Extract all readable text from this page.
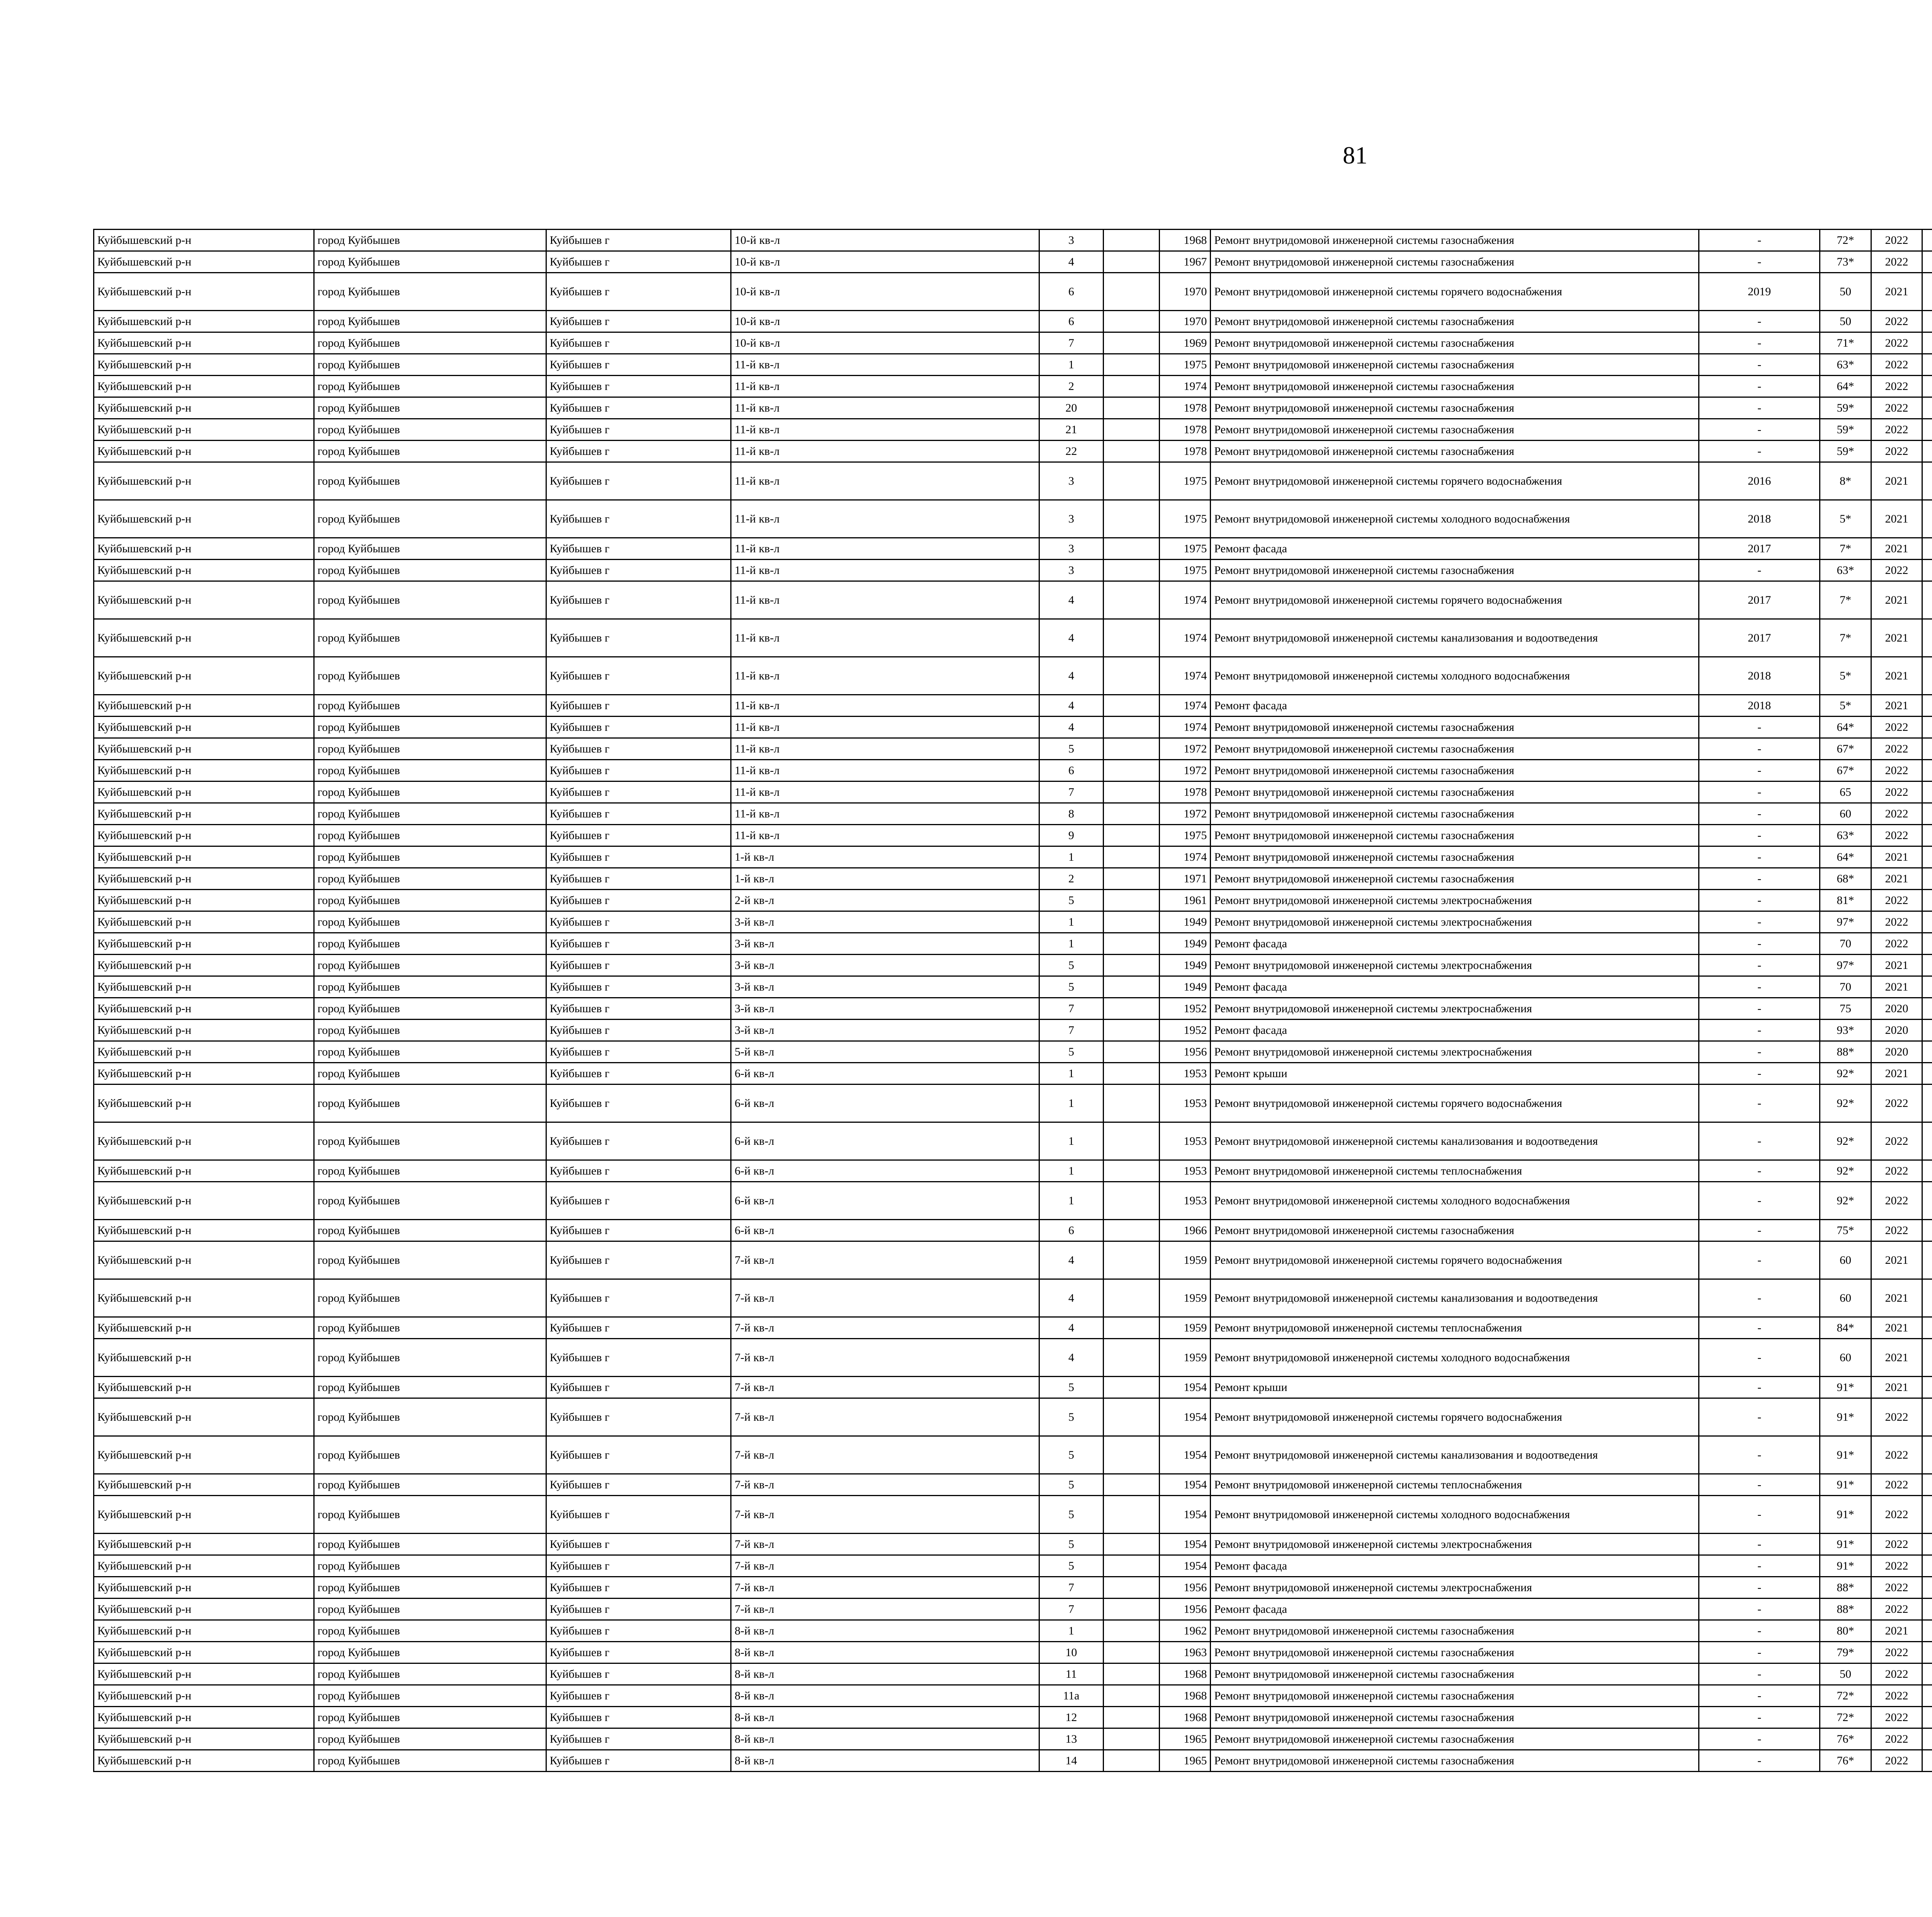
81
Куйбышевский р-н	город Куйбышев	Куйбышев г	10-й кв-л	3		1968	Ремонт внутридомовой инженерной системы газоснабжения	-	72*	2022								
Куйбышевский р-н	город Куйбышев	Куйбышев г	10-й кв-л	4		1967	Ремонт внутридомовой инженерной системы газоснабжения	-	73*	2022								
Куйбышевский р-н	город Куйбышев	Куйбышев г	10-й кв-л	6		1970	Ремонт внутридомовой инженерной системы горячего водоснабжения	2019	50	2021								
Куйбышевский р-н	город Куйбышев	Куйбышев г	10-й кв-л	6		1970	Ремонт внутридомовой инженерной системы газоснабжения	-	50	2022								
Куйбышевский р-н	город Куйбышев	Куйбышев г	10-й кв-л	7		1969	Ремонт внутридомовой инженерной системы газоснабжения	-	71*	2022								
Куйбышевский р-н	город Куйбышев	Куйбышев г	11-й кв-л	1		1975	Ремонт внутридомовой инженерной системы газоснабжения	-	63*	2022								
Куйбышевский р-н	город Куйбышев	Куйбышев г	11-й кв-л	2		1974	Ремонт внутридомовой инженерной системы газоснабжения	-	64*	2022								
Куйбышевский р-н	город Куйбышев	Куйбышев г	11-й кв-л	20		1978	Ремонт внутридомовой инженерной системы газоснабжения	-	59*	2022								
Куйбышевский р-н	город Куйбышев	Куйбышев г	11-й кв-л	21		1978	Ремонт внутридомовой инженерной системы газоснабжения	-	59*	2022								
Куйбышевский р-н	город Куйбышев	Куйбышев г	11-й кв-л	22		1978	Ремонт внутридомовой инженерной системы газоснабжения	-	59*	2022								
Куйбышевский р-н	город Куйбышев	Куйбышев г	11-й кв-л	3		1975	Ремонт внутридомовой инженерной системы горячего водоснабжения	2016	8*	2021								
Куйбышевский р-н	город Куйбышев	Куйбышев г	11-й кв-л	3		1975	Ремонт внутридомовой инженерной системы холодного водоснабжения	2018	5*	2021								
Куйбышевский р-н	город Куйбышев	Куйбышев г	11-й кв-л	3		1975	Ремонт фасада	2017	7*	2021								
Куйбышевский р-н	город Куйбышев	Куйбышев г	11-й кв-л	3		1975	Ремонт внутридомовой инженерной системы газоснабжения	-	63*	2022								
Куйбышевский р-н	город Куйбышев	Куйбышев г	11-й кв-л	4		1974	Ремонт внутридомовой инженерной системы горячего водоснабжения	2017	7*	2021								
Куйбышевский р-н	город Куйбышев	Куйбышев г	11-й кв-л	4		1974	Ремонт внутридомовой инженерной системы канализования и водоотведения	2017	7*	2021								
Куйбышевский р-н	город Куйбышев	Куйбышев г	11-й кв-л	4		1974	Ремонт внутридомовой инженерной системы холодного водоснабжения	2018	5*	2021								
Куйбышевский р-н	город Куйбышев	Куйбышев г	11-й кв-л	4		1974	Ремонт фасада	2018	5*	2021								
Куйбышевский р-н	город Куйбышев	Куйбышев г	11-й кв-л	4		1974	Ремонт внутридомовой инженерной системы газоснабжения	-	64*	2022								
Куйбышевский р-н	город Куйбышев	Куйбышев г	11-й кв-л	5		1972	Ремонт внутридомовой инженерной системы газоснабжения	-	67*	2022								
Куйбышевский р-н	город Куйбышев	Куйбышев г	11-й кв-л	6		1972	Ремонт внутридомовой инженерной системы газоснабжения	-	67*	2022								
Куйбышевский р-н	город Куйбышев	Куйбышев г	11-й кв-л	7		1978	Ремонт внутридомовой инженерной системы газоснабжения	-	65	2022								
Куйбышевский р-н	город Куйбышев	Куйбышев г	11-й кв-л	8		1972	Ремонт внутридомовой инженерной системы газоснабжения	-	60	2022								
Куйбышевский р-н	город Куйбышев	Куйбышев г	11-й кв-л	9		1975	Ремонт внутридомовой инженерной системы газоснабжения	-	63*	2022								
Куйбышевский р-н	город Куйбышев	Куйбышев г	1-й кв-л	1		1974	Ремонт внутридомовой инженерной системы газоснабжения	-	64*	2021								
Куйбышевский р-н	город Куйбышев	Куйбышев г	1-й кв-л	2		1971	Ремонт внутридомовой инженерной системы газоснабжения	-	68*	2021								
Куйбышевский р-н	город Куйбышев	Куйбышев г	2-й кв-л	5		1961	Ремонт внутридомовой инженерной системы электроснабжения	-	81*	2022								
Куйбышевский р-н	город Куйбышев	Куйбышев г	3-й кв-л	1		1949	Ремонт внутридомовой инженерной системы электроснабжения	-	97*	2022								
Куйбышевский р-н	город Куйбышев	Куйбышев г	3-й кв-л	1		1949	Ремонт фасада	-	70	2022								
Куйбышевский р-н	город Куйбышев	Куйбышев г	3-й кв-л	5		1949	Ремонт внутридомовой инженерной системы электроснабжения	-	97*	2021								
Куйбышевский р-н	город Куйбышев	Куйбышев г	3-й кв-л	5		1949	Ремонт фасада	-	70	2021								
Куйбышевский р-н	город Куйбышев	Куйбышев г	3-й кв-л	7		1952	Ремонт внутридомовой инженерной системы электроснабжения	-	75	2020								
Куйбышевский р-н	город Куйбышев	Куйбышев г	3-й кв-л	7		1952	Ремонт фасада	-	93*	2020								
Куйбышевский р-н	город Куйбышев	Куйбышев г	5-й кв-л	5		1956	Ремонт внутридомовой инженерной системы электроснабжения	-	88*	2020								
Куйбышевский р-н	город Куйбышев	Куйбышев г	6-й кв-л	1		1953	Ремонт крыши	-	92*	2021								
Куйбышевский р-н	город Куйбышев	Куйбышев г	6-й кв-л	1		1953	Ремонт внутридомовой инженерной системы горячего водоснабжения	-	92*	2022								
Куйбышевский р-н	город Куйбышев	Куйбышев г	6-й кв-л	1		1953	Ремонт внутридомовой инженерной системы канализования и водоотведения	-	92*	2022								
Куйбышевский р-н	город Куйбышев	Куйбышев г	6-й кв-л	1		1953	Ремонт внутридомовой инженерной системы теплоснабжения	-	92*	2022								
Куйбышевский р-н	город Куйбышев	Куйбышев г	6-й кв-л	1		1953	Ремонт внутридомовой инженерной системы холодного водоснабжения	-	92*	2022								
Куйбышевский р-н	город Куйбышев	Куйбышев г	6-й кв-л	6		1966	Ремонт внутридомовой инженерной системы газоснабжения	-	75*	2022								
Куйбышевский р-н	город Куйбышев	Куйбышев г	7-й кв-л	4		1959	Ремонт внутридомовой инженерной системы горячего водоснабжения	-	60	2021								
Куйбышевский р-н	город Куйбышев	Куйбышев г	7-й кв-л	4		1959	Ремонт внутридомовой инженерной системы канализования и водоотведения	-	60	2021								
Куйбышевский р-н	город Куйбышев	Куйбышев г	7-й кв-л	4		1959	Ремонт внутридомовой инженерной системы теплоснабжения	-	84*	2021								
Куйбышевский р-н	город Куйбышев	Куйбышев г	7-й кв-л	4		1959	Ремонт внутридомовой инженерной системы холодного водоснабжения	-	60	2021								
Куйбышевский р-н	город Куйбышев	Куйбышев г	7-й кв-л	5		1954	Ремонт крыши	-	91*	2021								
Куйбышевский р-н	город Куйбышев	Куйбышев г	7-й кв-л	5		1954	Ремонт внутридомовой инженерной системы горячего водоснабжения	-	91*	2022								
Куйбышевский р-н	город Куйбышев	Куйбышев г	7-й кв-л	5		1954	Ремонт внутридомовой инженерной системы канализования и водоотведения	-	91*	2022								
Куйбышевский р-н	город Куйбышев	Куйбышев г	7-й кв-л	5		1954	Ремонт внутридомовой инженерной системы теплоснабжения	-	91*	2022								
Куйбышевский р-н	город Куйбышев	Куйбышев г	7-й кв-л	5		1954	Ремонт внутридомовой инженерной системы холодного водоснабжения	-	91*	2022								
Куйбышевский р-н	город Куйбышев	Куйбышев г	7-й кв-л	5		1954	Ремонт внутридомовой инженерной системы электроснабжения	-	91*	2022								
Куйбышевский р-н	город Куйбышев	Куйбышев г	7-й кв-л	5		1954	Ремонт фасада	-	91*	2022								
Куйбышевский р-н	город Куйбышев	Куйбышев г	7-й кв-л	7		1956	Ремонт внутридомовой инженерной системы электроснабжения	-	88*	2022								
Куйбышевский р-н	город Куйбышев	Куйбышев г	7-й кв-л	7		1956	Ремонт фасада	-	88*	2022								
Куйбышевский р-н	город Куйбышев	Куйбышев г	8-й кв-л	1		1962	Ремонт внутридомовой инженерной системы газоснабжения	-	80*	2021								
Куйбышевский р-н	город Куйбышев	Куйбышев г	8-й кв-л	10		1963	Ремонт внутридомовой инженерной системы газоснабжения	-	79*	2022								
Куйбышевский р-н	город Куйбышев	Куйбышев г	8-й кв-л	11		1968	Ремонт внутридомовой инженерной системы газоснабжения	-	50	2022								
Куйбышевский р-н	город Куйбышев	Куйбышев г	8-й кв-л	11а		1968	Ремонт внутридомовой инженерной системы газоснабжения	-	72*	2022								
Куйбышевский р-н	город Куйбышев	Куйбышев г	8-й кв-л	12		1968	Ремонт внутридомовой инженерной системы газоснабжения	-	72*	2022								
Куйбышевский р-н	город Куйбышев	Куйбышев г	8-й кв-л	13		1965	Ремонт внутридомовой инженерной системы газоснабжения	-	76*	2022								
Куйбышевский р-н	город Куйбышев	Куйбышев г	8-й кв-л	14		1965	Ремонт внутридомовой инженерной системы газоснабжения	-	76*	2022								
